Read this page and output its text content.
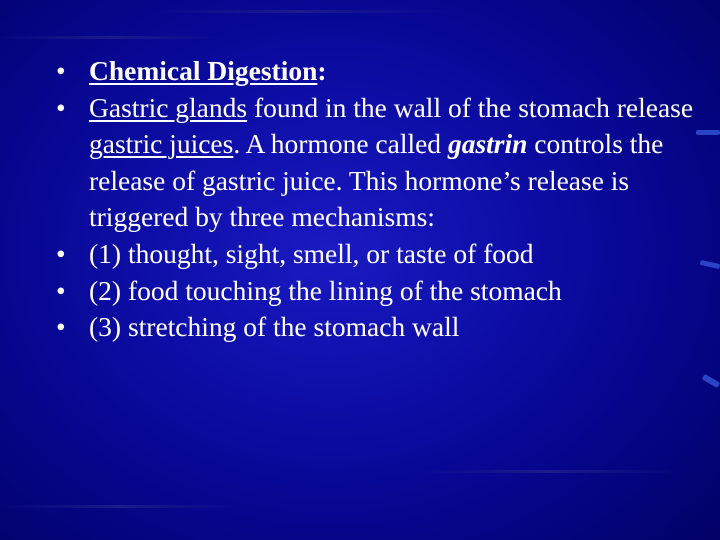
• Chemical Digestion:
• Gastric glands found in the wall of the stomach release gastric juices. A hormone called gastrin controls the release of gastric juice. This hormone’s release is triggered by three mechanisms:
• (1) thought, sight, smell, or taste of food
• (2) food touching the lining of the stomach
• (3) stretching of the stomach wall
